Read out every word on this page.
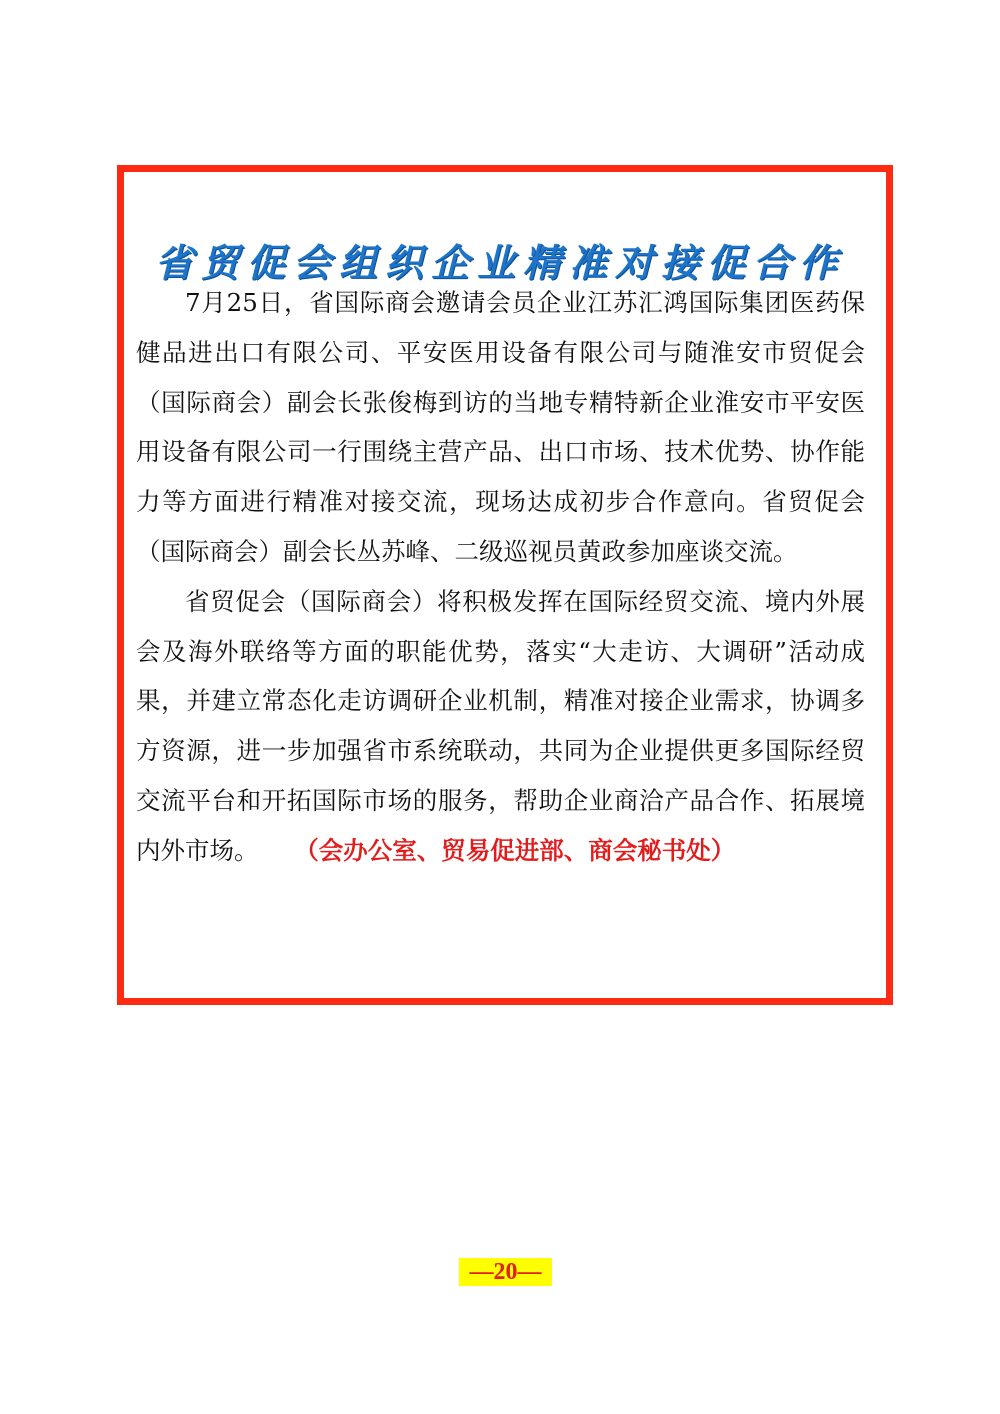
省贸促会组织企业精准对接促合作

7月25日，省国际商会邀请会员企业江苏汇鸿国际集团医药保健品进出口有限公司、平安医用设备有限公司与随淮安市贸促会（国际商会）副会长张俊梅到访的当地专精特新企业淮安市平安医用设备有限公司一行围绕主营产品、出口市场、技术优势、协作能力等方面进行精准对接交流，现场达成初步合作意向。省贸促会（国际商会）副会长丛苏峰、二级巡视员黄政参加座谈交流。

省贸促会（国际商会）将积极发挥在国际经贸交流、境内外展会及海外联络等方面的职能优势，落实“大走访、大调研”活动成果，并建立常态化走访调研企业机制，精准对接企业需求，协调多方资源，进一步加强省市系统联动，共同为企业提供更多国际经贸交流平台和开拓国际市场的服务，帮助企业商洽产品合作、拓展境内外市场。 （会办公室、贸易促进部、商会秘书处）

—20—
